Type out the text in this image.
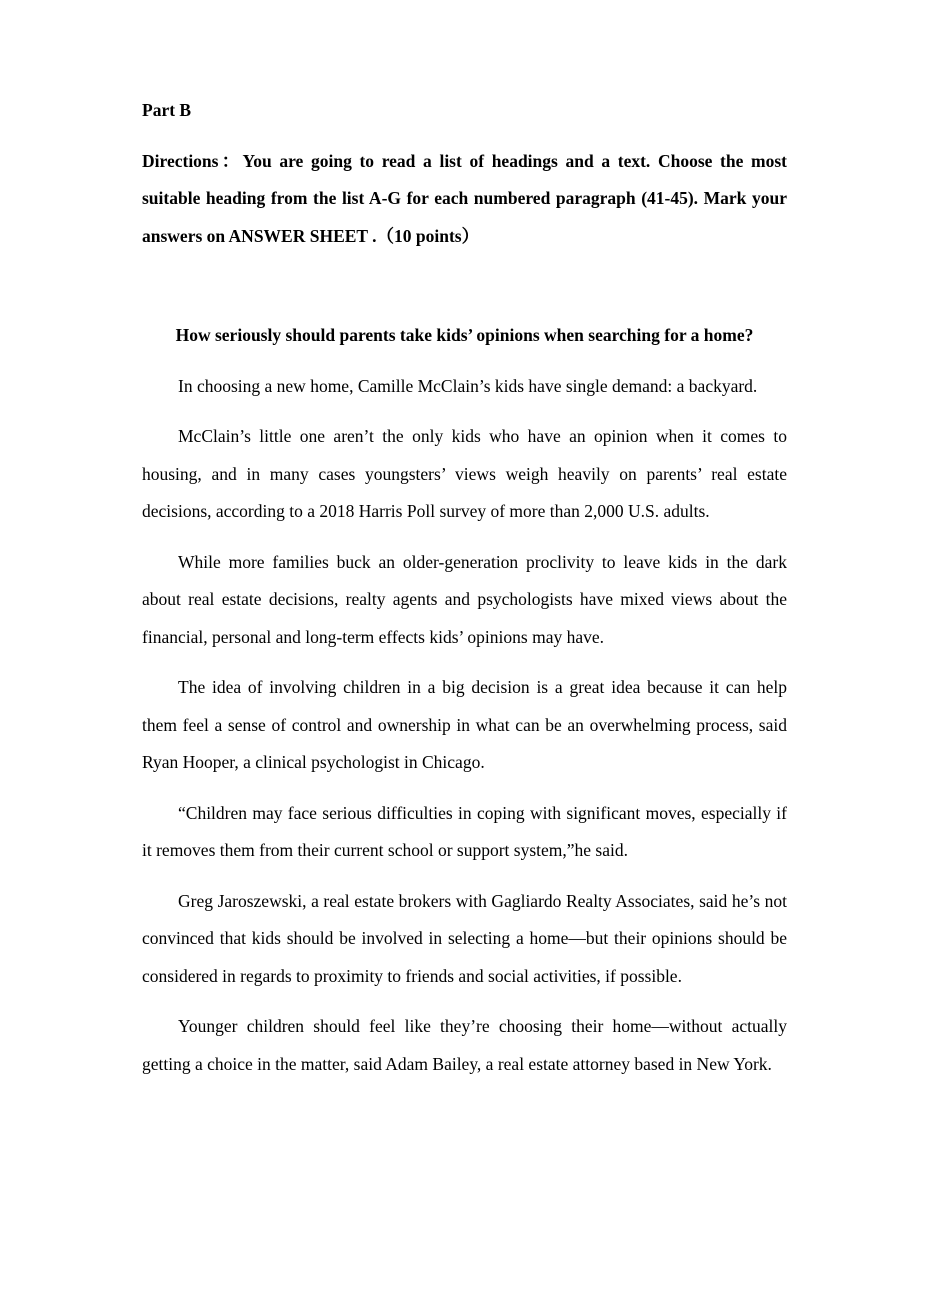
Part B

Directions：You are going to read a list of headings and a text. Choose the most suitable heading from the list A-G for each numbered paragraph (41-45). Mark your answers on ANSWER SHEET .（10 points）

How seriously should parents take kids’ opinions when searching for a home?

In choosing a new home, Camille McClain’s kids have single demand: a backyard.

McClain’s little one aren’t the only kids who have an opinion when it comes to housing, and in many cases youngsters’ views weigh heavily on parents’ real estate decisions, according to a 2018 Harris Poll survey of more than 2,000 U.S. adults.

While more families buck an older-generation proclivity to leave kids in the dark about real estate decisions, realty agents and psychologists have mixed views about the financial, personal and long-term effects kids’ opinions may have.

The idea of involving children in a big decision is a great idea because it can help them feel a sense of control and ownership in what can be an overwhelming process, said Ryan Hooper, a clinical psychologist in Chicago.

“Children may face serious difficulties in coping with significant moves, especially if it removes them from their current school or support system,”he said.

Greg Jaroszewski, a real estate brokers with Gagliardo Realty Associates, said he’s not convinced that kids should be involved in selecting a home—but their opinions should be considered in regards to proximity to friends and social activities, if possible.

Younger children should feel like they’re choosing their home—without actually getting a choice in the matter, said Adam Bailey, a real estate attorney based in New York.
